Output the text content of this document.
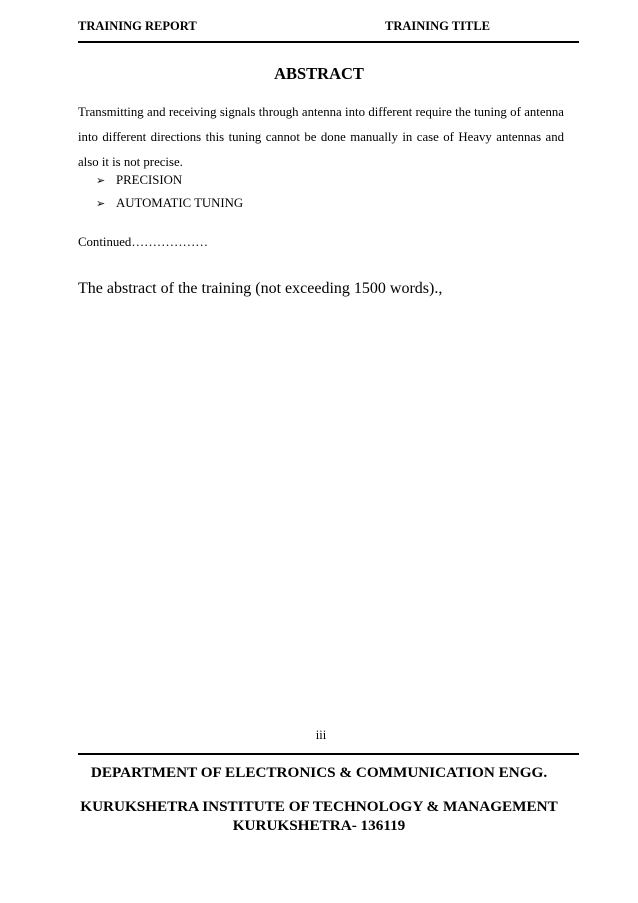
TRAINING REPORT	TRAINING TITLE
ABSTRACT
Transmitting and receiving signals through antenna into different require the tuning of antenna into different directions this tuning cannot be done manually in case of Heavy antennas and also it is not precise.
➢ PRECISION
➢ AUTOMATIC TUNING
Continued………………
The abstract of the training (not exceeding 1500 words).,
iii
DEPARTMENT OF ELECTRONICS & COMMUNICATION ENGG.
KURUKSHETRA INSTITUTE OF TECHNOLOGY & MANAGEMENT
KURUKSHETRA- 136119
